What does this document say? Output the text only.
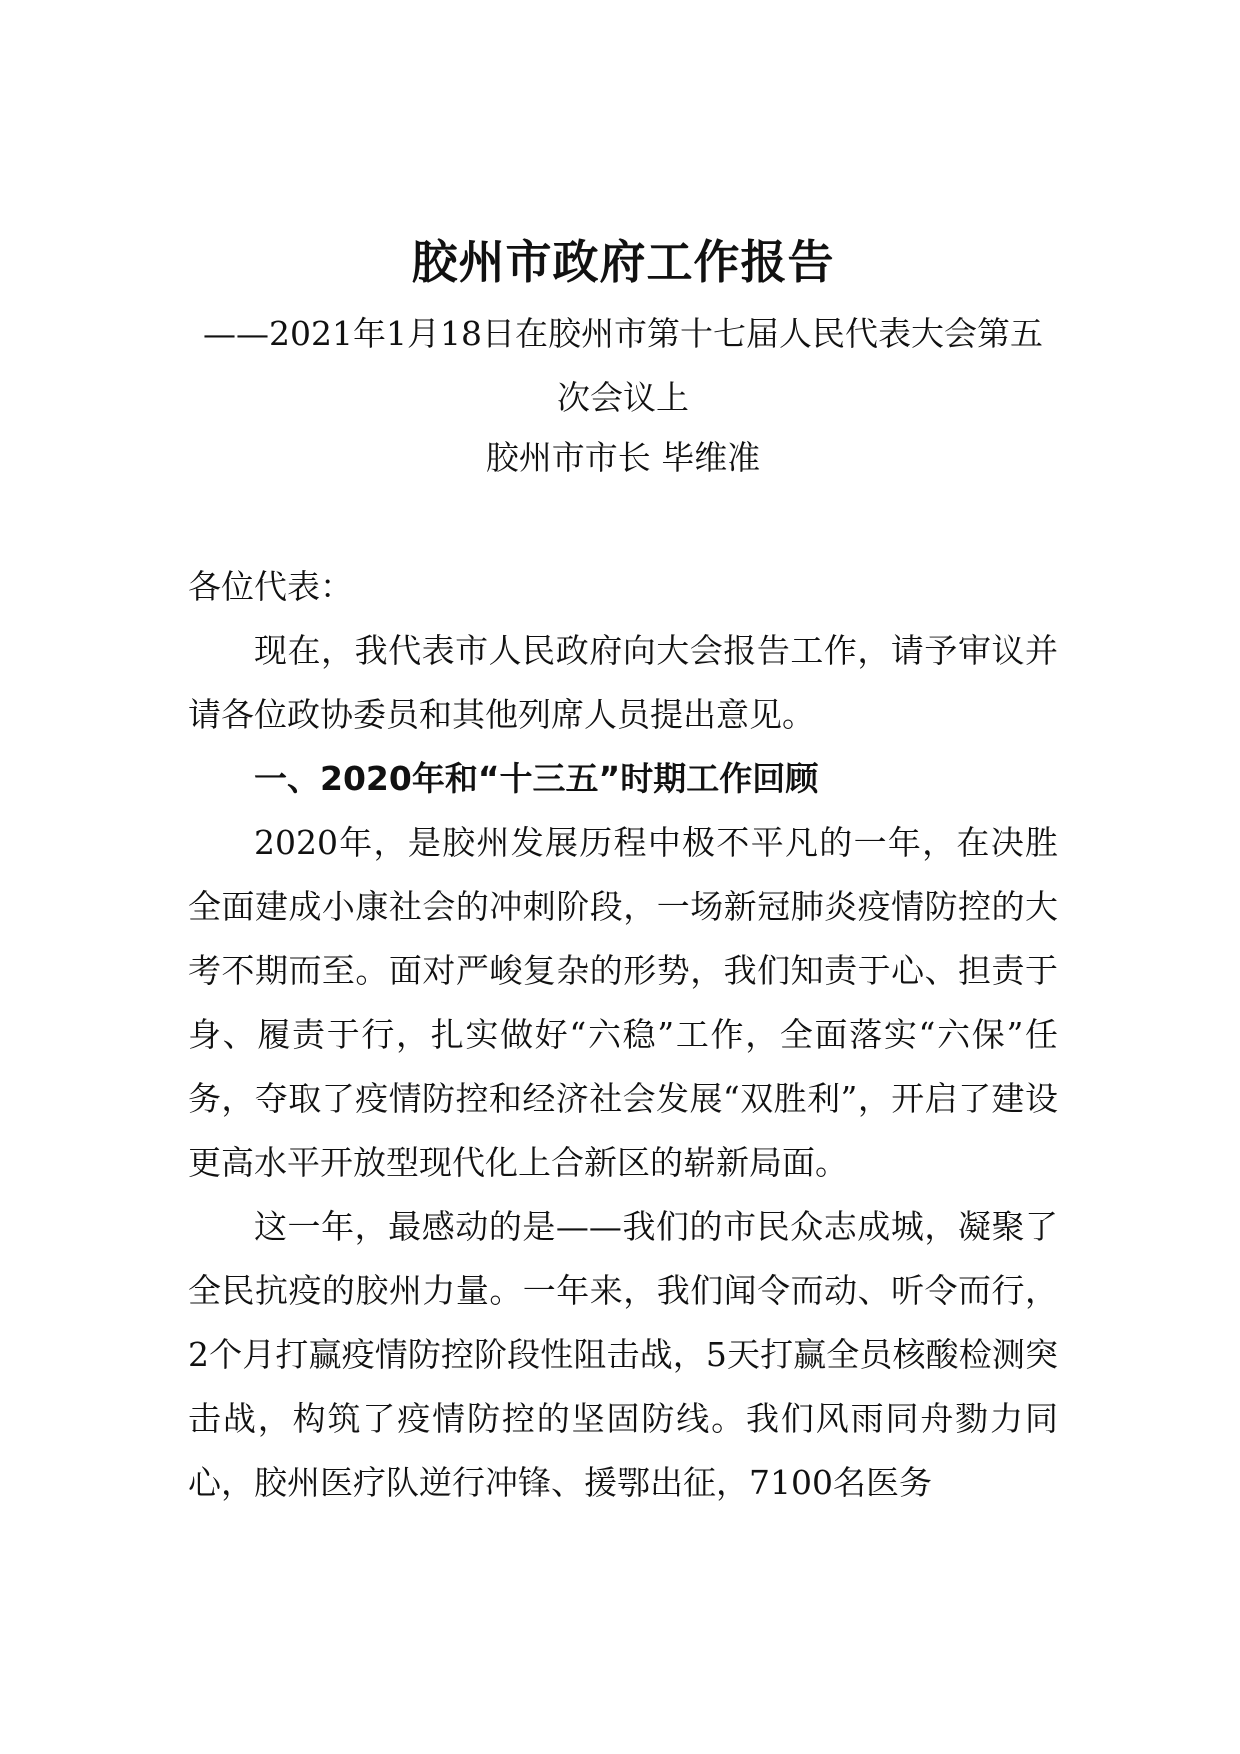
胶州市政府工作报告
——2021年1月18日在胶州市第十七届人民代表大会第五次会议上
胶州市市长 毕维准

各位代表：

现在，我代表市人民政府向大会报告工作，请予审议并请各位政协委员和其他列席人员提出意见。

一、2020年和“十三五”时期工作回顾

2020年，是胶州发展历程中极不平凡的一年，在决胜全面建成小康社会的冲刺阶段，一场新冠肺炎疫情防控的大考不期而至。面对严峻复杂的形势，我们知责于心、担责于身、履责于行，扎实做好“六稳”工作，全面落实“六保”任务，夺取了疫情防控和经济社会发展“双胜利”，开启了建设更高水平开放型现代化上合新区的崭新局面。

这一年，最感动的是——我们的市民众志成城，凝聚了全民抗疫的胶州力量。一年来，我们闻令而动、听令而行，2个月打赢疫情防控阶段性阻击战，5天打赢全员核酸检测突击战，构筑了疫情防控的坚固防线。我们风雨同舟勠力同心，胶州医疗队逆行冲锋、援鄂出征，7100名医务
